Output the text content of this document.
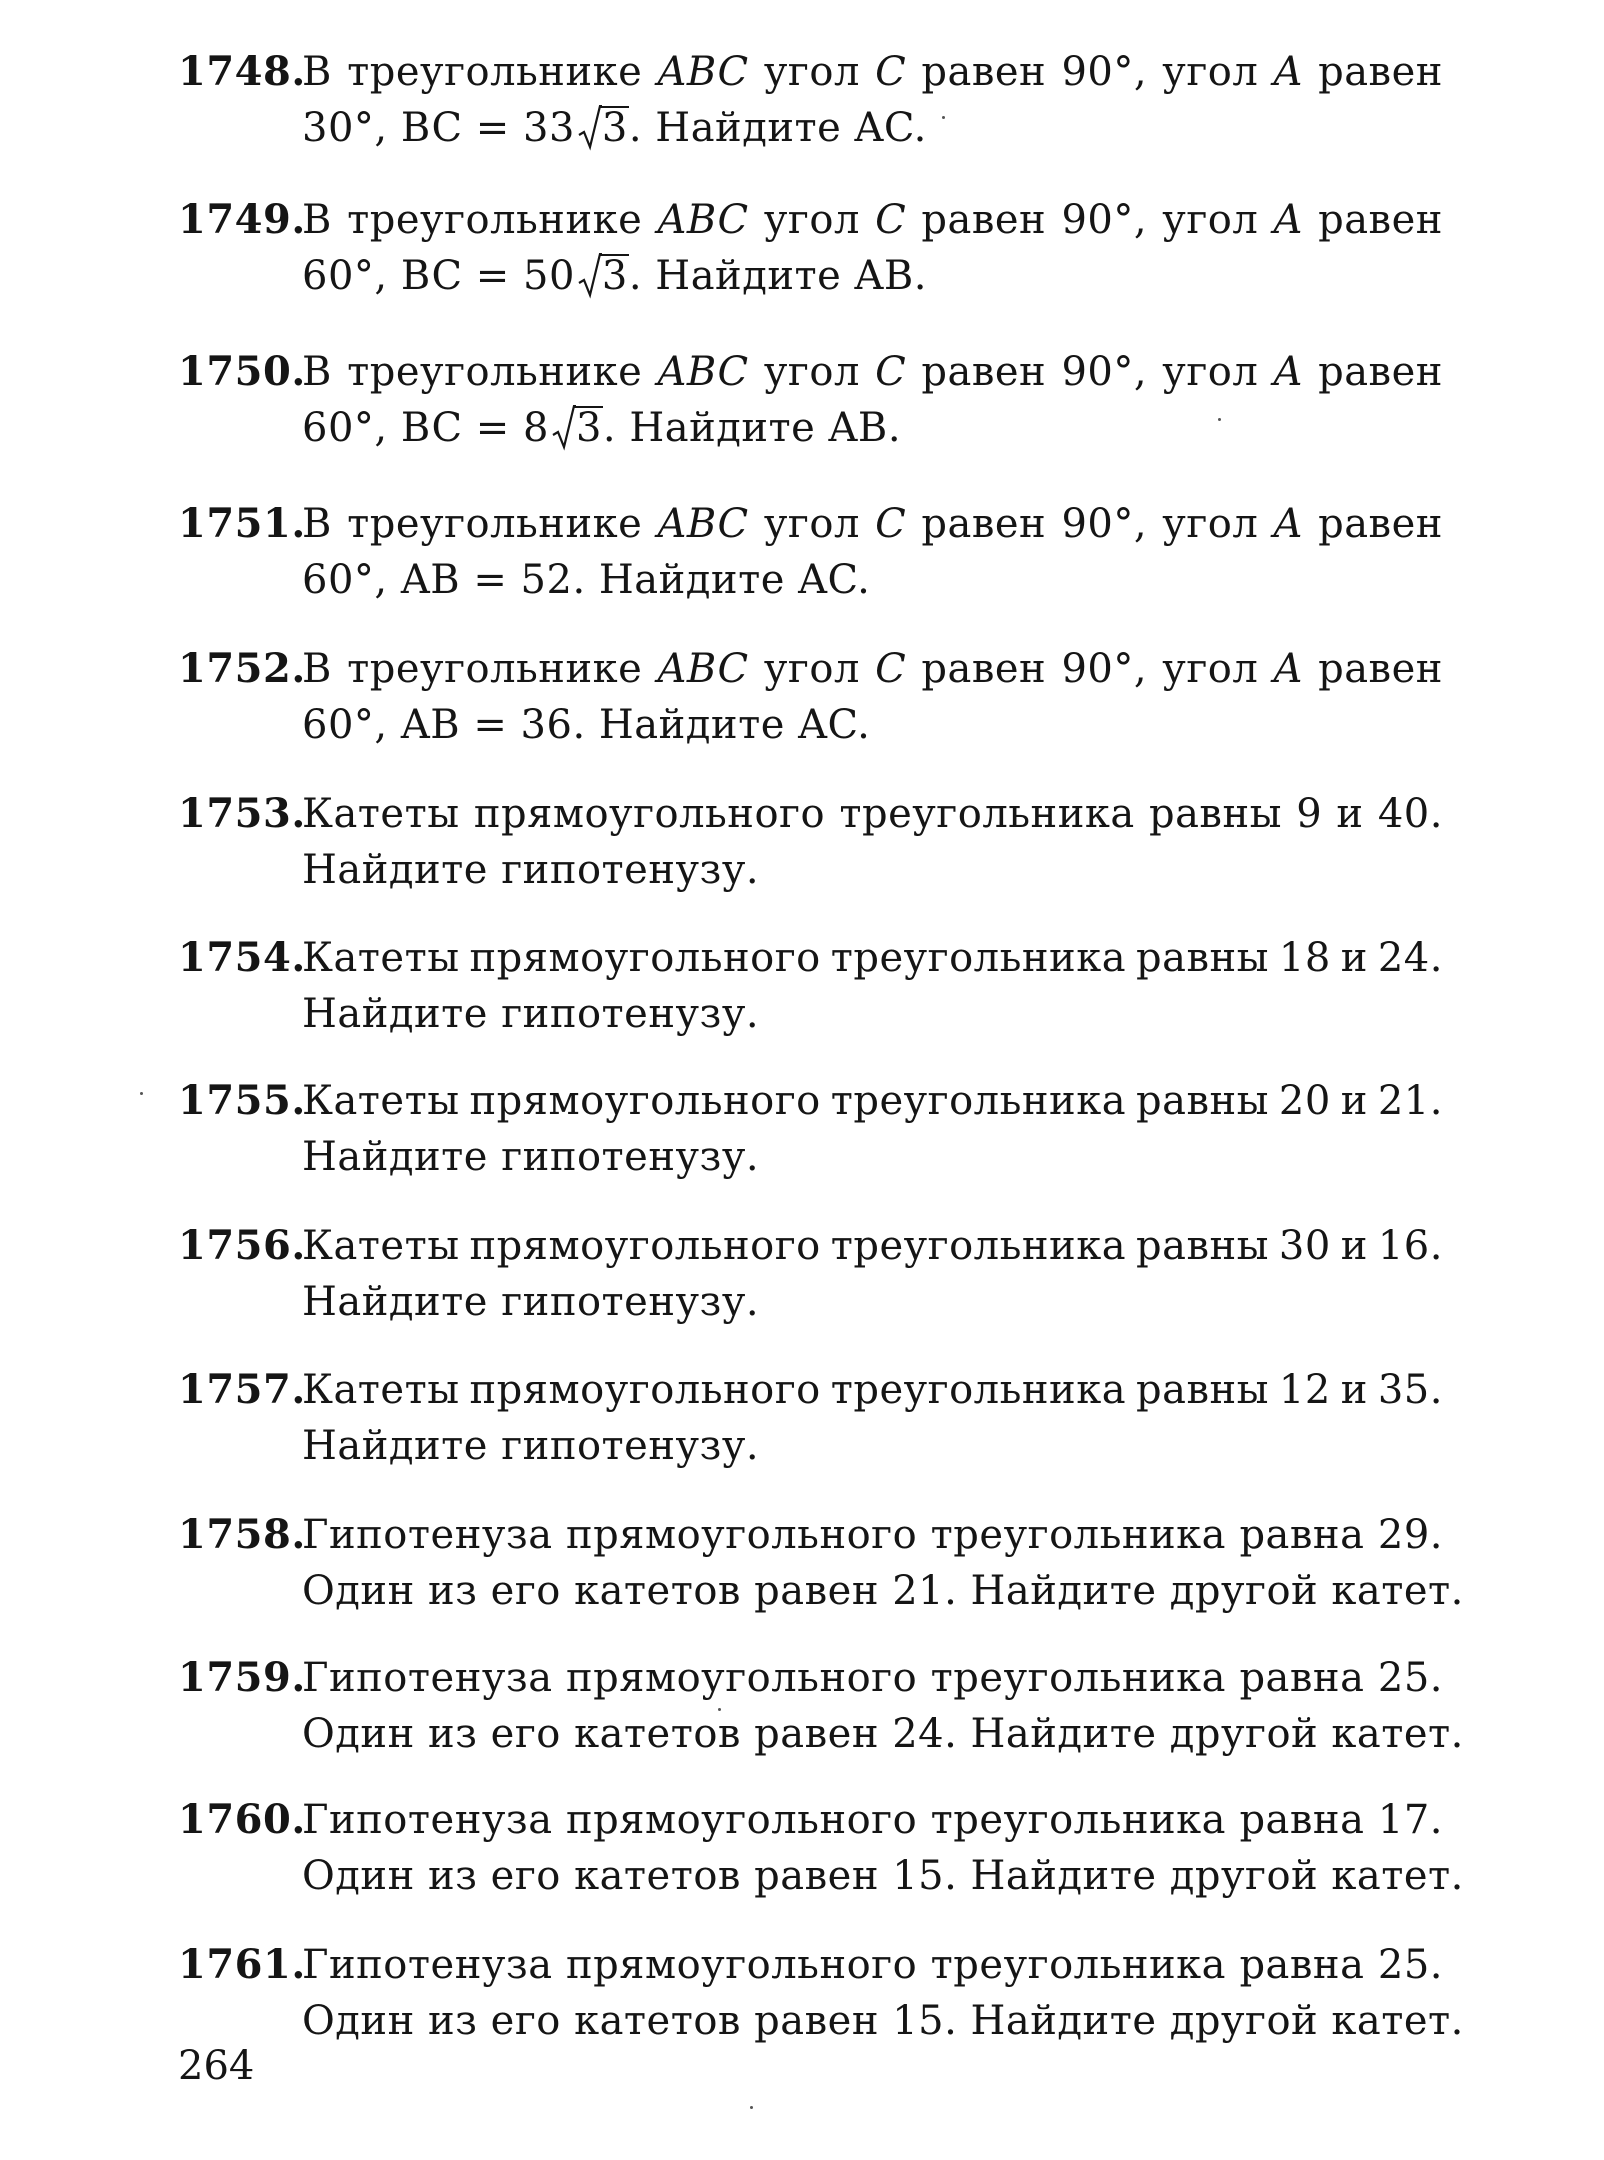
1748.
В треугольнике ABC угол C равен 90°, угол A равен
30°, BC = 33 3. Найдите AC.
1749.
В треугольнике ABC угол C равен 90°, угол A равен
60°, BC = 50 3. Найдите AB.
1750.
В треугольнике ABC угол C равен 90°, угол A равен
60°, BC = 8 3. Найдите AB.
1751.
В треугольнике ABC угол C равен 90°, угол A равен
60°, AB = 52. Найдите AC.
1752.
В треугольнике ABC угол C равен 90°, угол A равен
60°, AB = 36. Найдите AC.
1753.
Катеты прямоугольного треугольника равны 9 и 40.
Найдите гипотенузу.
1754.
Катеты прямоугольного треугольника равны 18 и 24.
Найдите гипотенузу.
1755.
Катеты прямоугольного треугольника равны 20 и 21.
Найдите гипотенузу.
1756.
Катеты прямоугольного треугольника равны 30 и 16.
Найдите гипотенузу.
1757.
Катеты прямоугольного треугольника равны 12 и 35.
Найдите гипотенузу.
1758.
Гипотенуза прямоугольного треугольника равна 29.
Один из его катетов равен 21. Найдите другой катет.
1759.
Гипотенуза прямоугольного треугольника равна 25.
Один из его катетов равен 24. Найдите другой катет.
1760.
Гипотенуза прямоугольного треугольника равна 17.
Один из его катетов равен 15. Найдите другой катет.
1761.
Гипотенуза прямоугольного треугольника равна 25.
Один из его катетов равен 15. Найдите другой катет.
264
